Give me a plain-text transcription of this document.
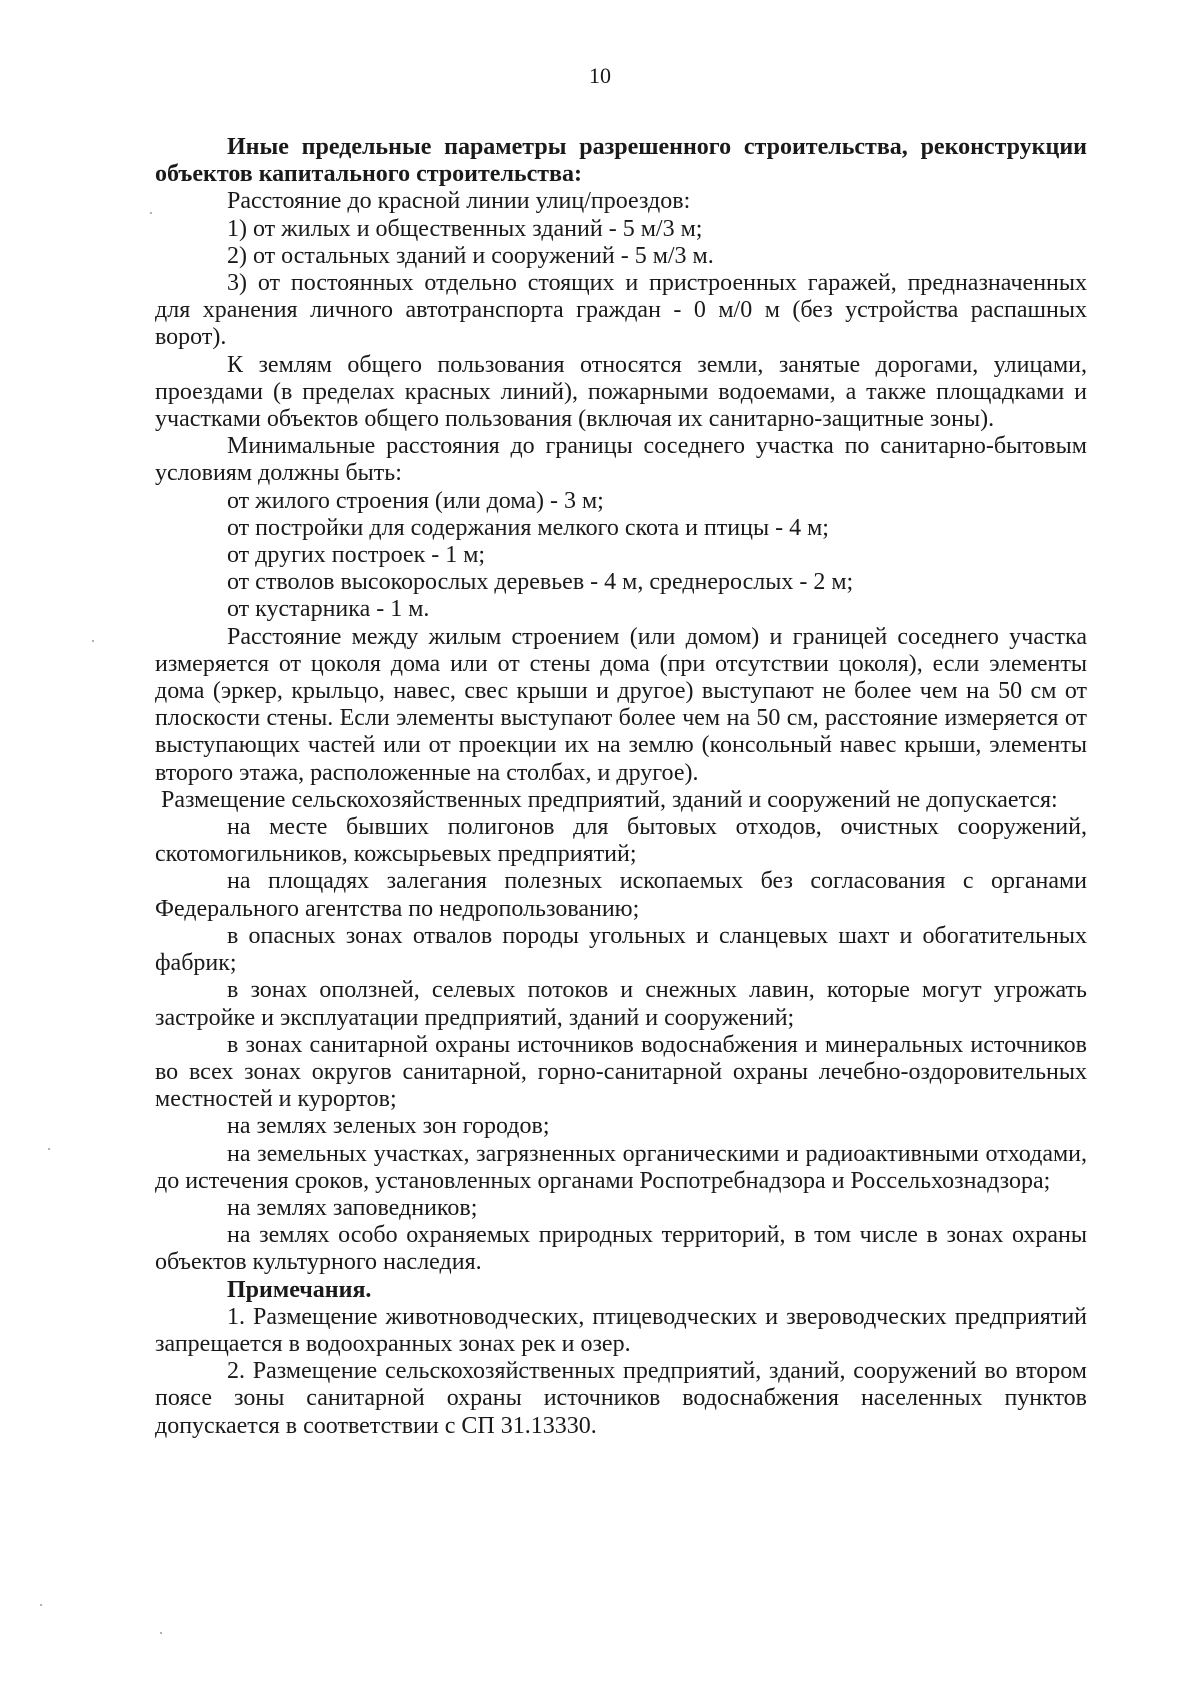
10

Иные предельные параметры разрешенного строительства, реконструкции объектов капитального строительства:

Расстояние до красной линии улиц/проездов:

1) от жилых и общественных зданий - 5 м/3 м;

2) от остальных зданий и сооружений - 5 м/3 м.

3) от постоянных отдельно стоящих и пристроенных гаражей, предназначенных для хранения личного автотранспорта граждан - 0 м/0 м (без устройства распашных ворот).

К землям общего пользования относятся земли, занятые дорогами, улицами, проездами (в пределах красных линий), пожарными водоемами, а также площадками и участками объектов общего пользования (включая их санитарно-защитные зоны).

Минимальные расстояния до границы соседнего участка по санитарно-бытовым условиям должны быть:

от жилого строения (или дома) - 3 м;

от постройки для содержания мелкого скота и птицы - 4 м;

от других построек - 1 м;

от стволов высокорослых деревьев - 4 м, среднерослых - 2 м;

от кустарника - 1 м.

Расстояние между жилым строением (или домом) и границей соседнего участка измеряется от цоколя дома или от стены дома (при отсутствии цоколя), если элементы дома (эркер, крыльцо, навес, свес крыши и другое) выступают не более чем на 50 см от плоскости стены. Если элементы выступают более чем на 50 см, расстояние измеряется от выступающих частей или от проекции их на землю (консольный навес крыши, элементы второго этажа, расположенные на столбах, и другое).

Размещение сельскохозяйственных предприятий, зданий и сооружений не допускается:

на месте бывших полигонов для бытовых отходов, очистных сооружений, скотомогильников, кожсырьевых предприятий;

на площадях залегания полезных ископаемых без согласования с органами Федерального агентства по недропользованию;

в опасных зонах отвалов породы угольных и сланцевых шахт и обогатительных фабрик;

в зонах оползней, селевых потоков и снежных лавин, которые могут угрожать застройке и эксплуатации предприятий, зданий и сооружений;

в зонах санитарной охраны источников водоснабжения и минеральных источников во всех зонах округов санитарной, горно-санитарной охраны лечебно-оздоровительных местностей и курортов;

на землях зеленых зон городов;

на земельных участках, загрязненных органическими и радиоактивными отходами, до истечения сроков, установленных органами Роспотребнадзора и Россельхознадзора;

на землях заповедников;

на землях особо охраняемых природных территорий, в том числе в зонах охраны объектов культурного наследия.

Примечания.

1. Размещение животноводческих, птицеводческих и звероводческих предприятий запрещается в водоохранных зонах рек и озер.

2. Размещение сельскохозяйственных предприятий, зданий, сооружений во втором поясе зоны санитарной охраны источников водоснабжения населенных пунктов допускается в соответствии с СП 31.13330.
